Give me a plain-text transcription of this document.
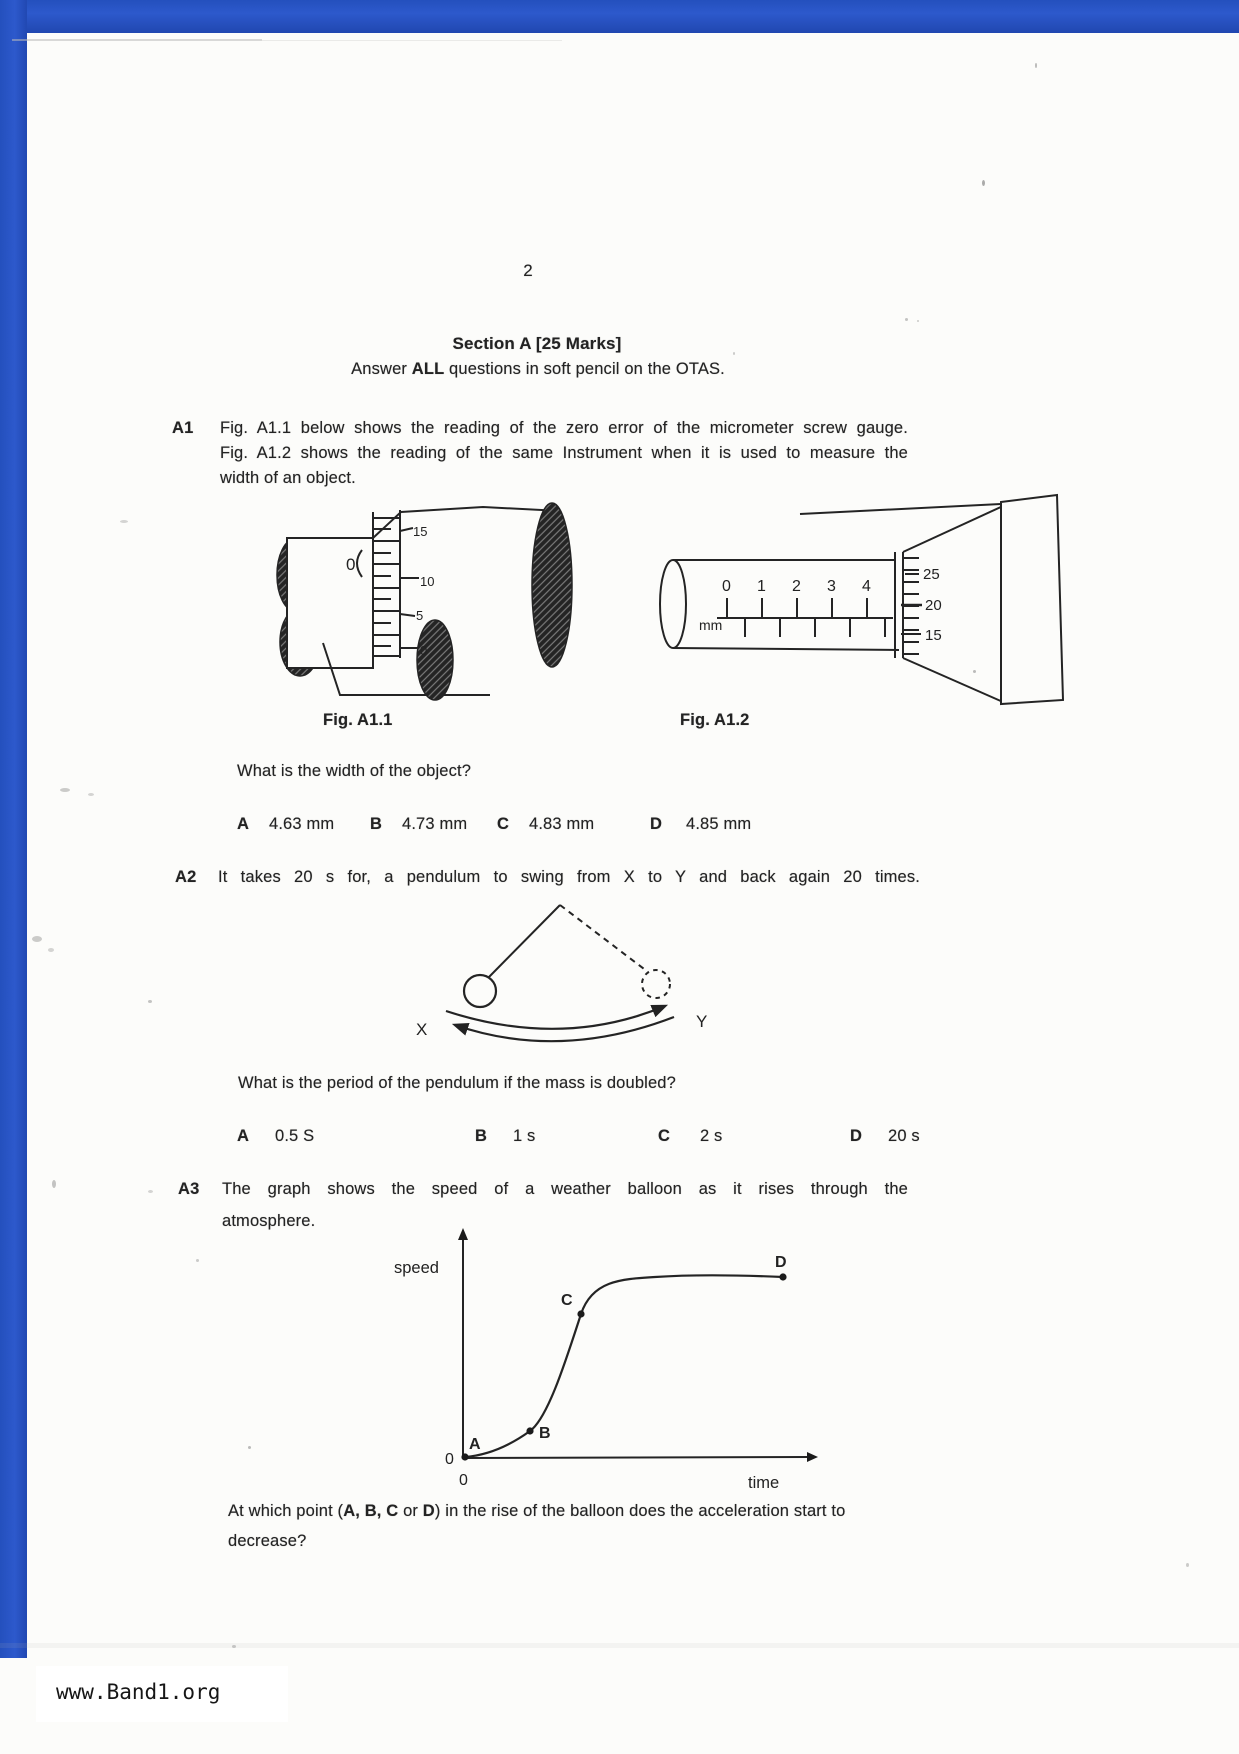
2
Section A [25 Marks]
Answer ALL questions in soft pencil on the OTAS.
A1 Fig. A1.1 below shows the reading of the zero error of the micrometer screw gauge.
Fig. A1.2 shows the reading of the same Instrument when it is used to measure the
width of an object.
0
15
10
5
0
Fig. A1.1
0 1 2 3 4
mm
25
20
15
Fig. A1.2
What is the width of the object?
A 4.63 mm B 4.73 mm C 4.83 mm	D 4.85 mm
A2 It takes 20 s for, a pendulum to swing from X to Y and back again 20 times.
X	Y
What is the period of the pendulum if the mass is doubled?
A 0.5 S	B 1 s	C 2 s	D 20 s
A3 The graph shows the speed of a weather balloon as it rises through the
atmosphere.
speed
time
0
0
A
B
C
D
At which point (A, B, C or D) in the rise of the balloon does the acceleration start to
decrease?
www.Band1.org
